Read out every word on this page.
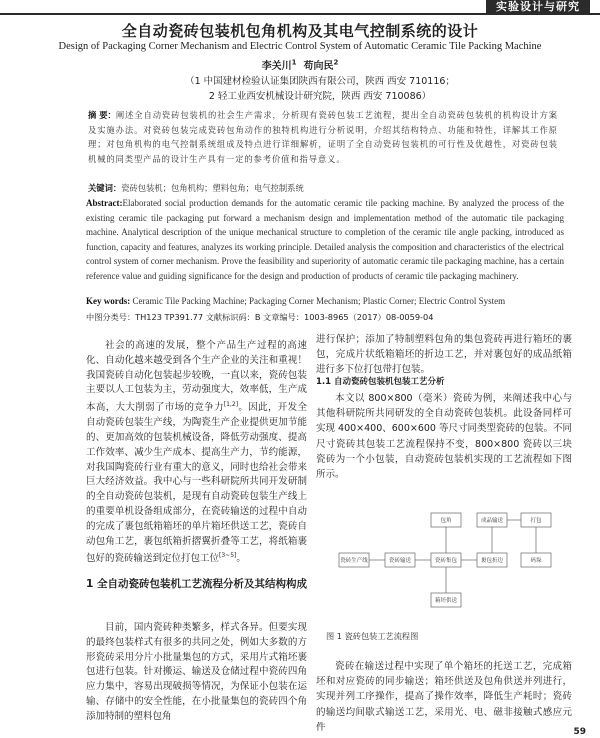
实验设计与研究
全自动瓷砖包装机包角机构及其电气控制系统的设计
Design of Packaging Corner Mechanism and Electric Control System of Automatic Ceramic Tile Packing Machine
李关川$^1$ 苟向民$^2$
（1 中国建材检验认证集团陕西有限公司，陕西 西安 710116；
2 轻工业西安机械设计研究院，陕西 西安 710086）
摘 要：阐述全自动瓷砖包装机的社会生产需求，分析现有瓷砖包装工艺流程，提出全自动瓷砖包装机的机构设计方案及实施办法。对瓷砖包装完成瓷砖包角动作的独特机构进行分析说明，介绍其结构特点、功能和特性，详解其工作原理；对包角机构的电气控制系统组成及特点进行详细解析，证明了全自动瓷砖包装机的可行性及优越性，对瓷砖包装机械的同类型产品的设计生产具有一定的参考价值和指导意义。
关键词：瓷砖包装机；包角机构；塑料包角；电气控制系统
Abstract:Elaborated social production demands for the automatic ceramic tile packing machine. By analyzed the process of the existing ceramic tile packaging put forward a mechanism design and implementation method of the automatic tile packaging machine. Analytical description of the unique mechanical structure to completion of the ceramic tile angle packing, introduced as function, capacity and features, analyzes its working principle. Detailed analysis the composition and characteristics of the electrical control system of corner mechanism. Prove the feasibility and superiority of automatic ceramic tile packaging machine, has a certain reference value and guiding significance for the design and production of products of ceramic tile packaging machinery.
Key words: Ceramic Tile Packing Machine; Packaging Corner Mechanism; Plastic Corner; Electric Control System
中图分类号：TH123 TP391.77 文献标识码：B 文章编号：1003-8965（2017）08-0059-04

社会的高速的发展，整个产品生产过程的高速化、自动化越来越受到各个生产企业的关注和重视！我国瓷砖自动化包装起步较晚，一直以来，瓷砖包装主要以人工包装为主，劳动强度大，效率低，生产成本高，大大削弱了市场的竞争力[1,2]。因此，开发全自动瓷砖包装生产线，为陶瓷生产企业提供更加节能的、更加高效的包装机械设备，降低劳动强度、提高工作效率、减少生产成本、提高生产力，节约能源，对我国陶瓷砖行业有重大的意义，同时也给社会带来巨大经济效益。我中心与一些科研院所共同开发研制的全自动瓷砖包装机，是现有自动瓷砖包装生产线上的重要单机设备组成部分，在瓷砖输送的过程中自动的完成了裹包纸箱箱坯的单片箱坯供送工艺，瓷砖自动包角工艺，裹包纸箱折摺翼折叠等工艺，将纸箱裹包好的瓷砖输送到定位打包工位[3~5]。

1 全自动瓷砖包装机工艺流程分析及其结构构成

目前，国内瓷砖种类繁多，样式各异。但要实现的最终包装样式有很多的共同之处，例如大多数的方形瓷砖采用分片小批量集包的方式，采用片式箱坯裹包进行包装。针对搬运、输送及仓储过程中瓷砖四角应力集中，容易出现破损等情况，为保证小包装在运输、存储中的安全性能，在小批量集包的瓷砖四个角添加特制的塑料包角

进行保护；添加了特制塑料包角的集包瓷砖再进行箱坯的裹包，完成片状纸箱箱坯的折边工艺，并对裹包好的成品纸箱进行多下位打包带打包装。

1.1 自动瓷砖包装机包装工艺分析

本文以 800×800（毫米）瓷砖为例，来阐述我中心与其他科研院所共同研发的全自动瓷砖包装机。此设备同样可实现 400×400、600×600 等尺寸同类型瓷砖的包装。不同尺寸瓷砖其包装工艺流程保持不变，800×800 瓷砖以三块瓷砖为一个小包装，自动瓷砖包装机实现的工艺流程如下图所示。

瓷砖生产线	瓷砖输送	瓷砖集包
包角
箱坯供送
裹包折边
成品输送	打包
码垛
图 1 瓷砖包装工艺流程图

瓷砖在输送过程中实现了单个箱坯的托送工艺，完成箱坯和对应瓷砖的同步输送；箱坯供送及包角供送并列进行，实现并列工序操作，提高了操作效率，降低生产耗时；瓷砖的输送均间歇式输送工艺，采用光、电、磁非接触式感应元件	59
